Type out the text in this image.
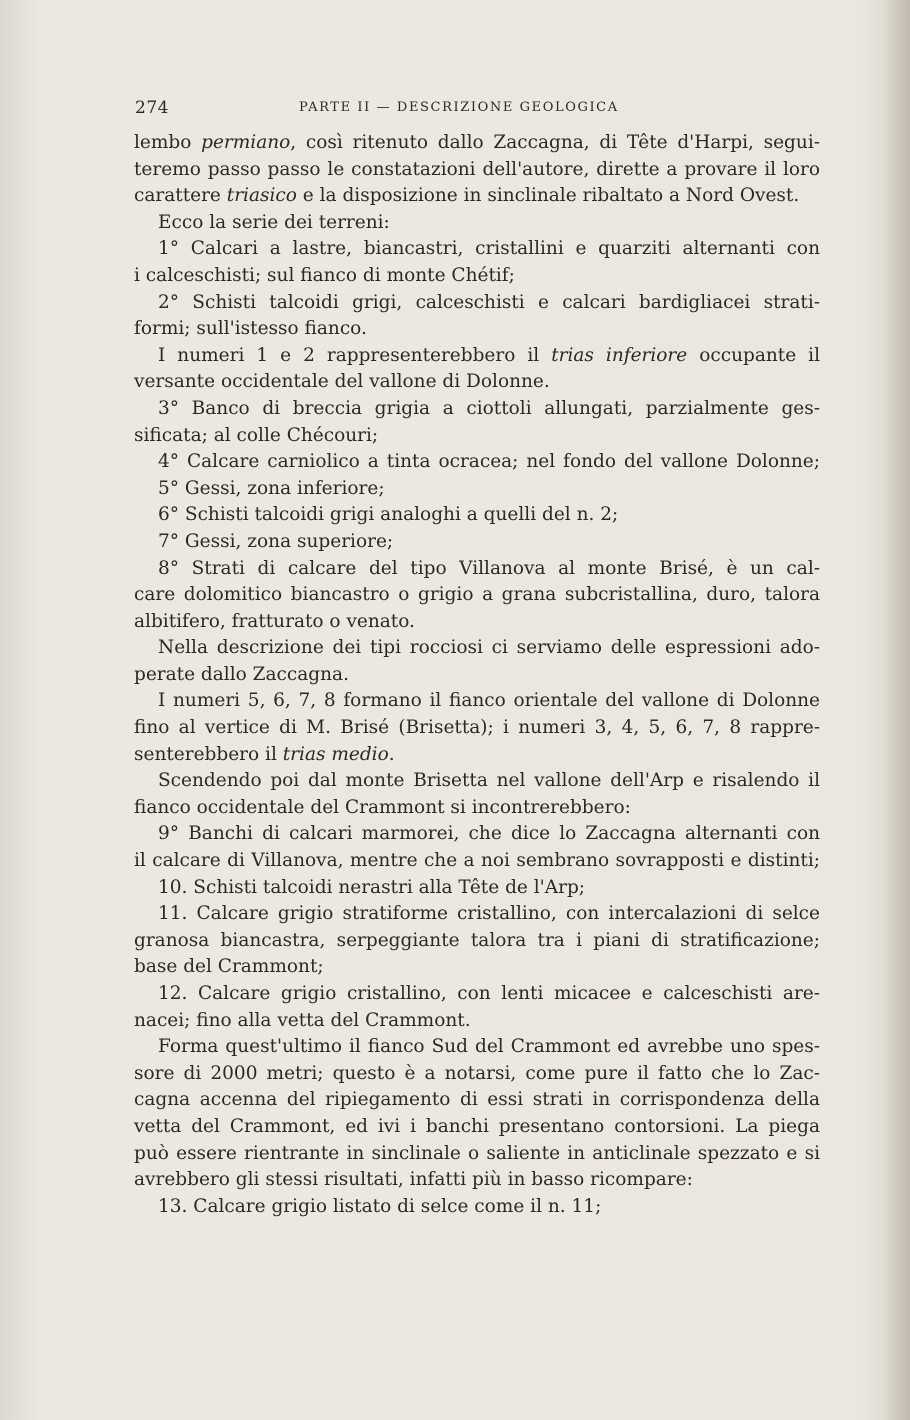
274	PARTE II — DESCRIZIONE GEOLOGICA
lembo permiano, così ritenuto dallo Zaccagna, di Tête d'Harpi, segui-
teremo passo passo le constatazioni dell'autore, dirette a provare il loro
carattere triasico e la disposizione in sinclinale ribaltato a Nord Ovest.
Ecco la serie dei terreni:
1° Calcari a lastre, biancastri, cristallini e quarziti alternanti con
i calceschisti; sul fianco di monte Chétif;
2° Schisti talcoidi grigi, calceschisti e calcari bardigliacei strati-
formi; sull'istesso fianco.
I numeri 1 e 2 rappresenterebbero il trias inferiore occupante il
versante occidentale del vallone di Dolonne.
3° Banco di breccia grigia a ciottoli allungati, parzialmente ges-
sificata; al colle Chécouri;
4° Calcare carniolico a tinta ocracea; nel fondo del vallone Dolonne;
5° Gessi, zona inferiore;
6° Schisti talcoidi grigi analoghi a quelli del n. 2;
7° Gessi, zona superiore;
8° Strati di calcare del tipo Villanova al monte Brisé, è un cal-
care dolomitico biancastro o grigio a grana subcristallina, duro, talora
albitifero, fratturato o venato.
Nella descrizione dei tipi rocciosi ci serviamo delle espressioni ado-
perate dallo Zaccagna.
I numeri 5, 6, 7, 8 formano il fianco orientale del vallone di Dolonne
fino al vertice di M. Brisé (Brisetta); i numeri 3, 4, 5, 6, 7, 8 rappre-
senterebbero il trias medio.
Scendendo poi dal monte Brisetta nel vallone dell'Arp e risalendo il
fianco occidentale del Crammont si incontrerebbero:
9° Banchi di calcari marmorei, che dice lo Zaccagna alternanti con
il calcare di Villanova, mentre che a noi sembrano sovrapposti e distinti;
10. Schisti talcoidi nerastri alla Tête de l'Arp;
11. Calcare grigio stratiforme cristallino, con intercalazioni di selce
granosa biancastra, serpeggiante talora tra i piani di stratificazione;
base del Crammont;
12. Calcare grigio cristallino, con lenti micacee e calceschisti are-
nacei; fino alla vetta del Crammont.
Forma quest'ultimo il fianco Sud del Crammont ed avrebbe uno spes-
sore di 2000 metri; questo è a notarsi, come pure il fatto che lo Zac-
cagna accenna del ripiegamento di essi strati in corrispondenza della
vetta del Crammont, ed ivi i banchi presentano contorsioni. La piega
può essere rientrante in sinclinale o saliente in anticlinale spezzato e si
avrebbero gli stessi risultati, infatti più in basso ricompare:
13. Calcare grigio listato di selce come il n. 11;
